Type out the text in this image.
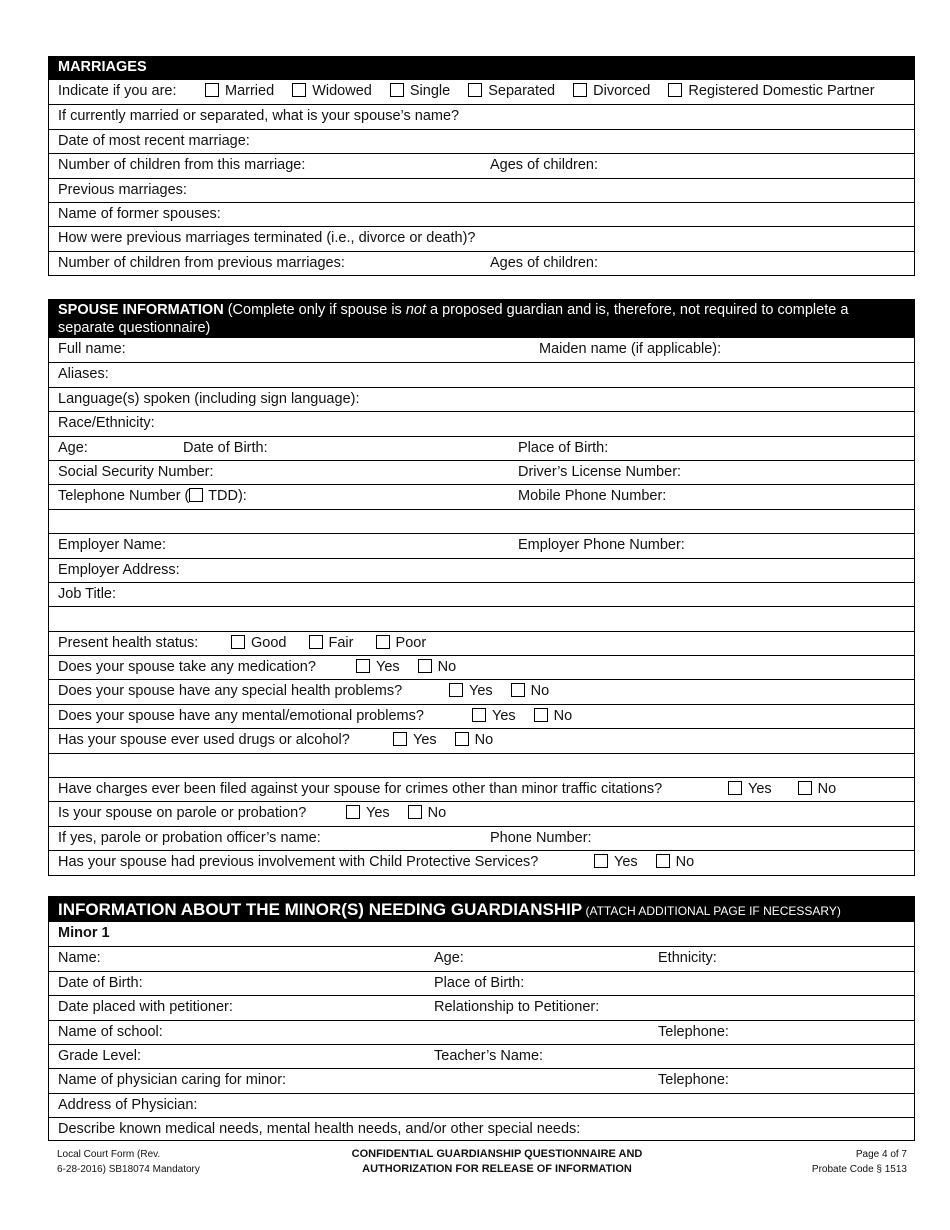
MARRIAGES
Indicate if you are:	Married	Widowed	Single	Separated	Divorced	Registered Domestic Partner
If currently married or separated, what is your spouse’s name?
Date of most recent marriage:
Number of children from this marriage:	Ages of children:
Previous marriages:
Name of former spouses:
How were previous marriages terminated (i.e., divorce or death)?
Number of children from previous marriages:	Ages of children:
SPOUSE INFORMATION (Complete only if spouse is not a proposed guardian and is, therefore, not required to complete a separate questionnaire)
Full name:	Maiden name (if applicable):
Aliases:
Language(s) spoken (including sign language):
Race/Ethnicity:
Age:	Date of Birth:	Place of Birth:
Social Security Number:	Driver’s License Number:
Telephone Number ( TDD):	Mobile Phone Number:
Employer Name:	Employer Phone Number:
Employer Address:
Job Title:
Present health status:	Good	Fair	Poor
Does your spouse take any medication?	Yes	No
Does your spouse have any special health problems?	Yes	No
Does your spouse have any mental/emotional problems?	Yes	No
Has your spouse ever used drugs or alcohol?	Yes	No
Have charges ever been filed against your spouse for crimes other than minor traffic citations?	Yes	No
Is your spouse on parole or probation?	Yes	No
If yes, parole or probation officer’s name:	Phone Number:
Has your spouse had previous involvement with Child Protective Services?	Yes	No
INFORMATION ABOUT THE MINOR(S) NEEDING GUARDIANSHIP (ATTACH ADDITIONAL PAGE IF NECESSARY)
Minor 1
Name:	Age:	Ethnicity:
Date of Birth:	Place of Birth:
Date placed with petitioner:	Relationship to Petitioner:
Name of school:	Telephone:
Grade Level:	Teacher’s Name:
Name of physician caring for minor:	Telephone:
Address of Physician:
Describe known medical needs, mental health needs, and/or other special needs:
Local Court Form (Rev.
6-28-2016) SB18074 Mandatory
CONFIDENTIAL GUARDIANSHIP QUESTIONNAIRE AND
AUTHORIZATION FOR RELEASE OF INFORMATION
Page 4 of 7
Probate Code § 1513
